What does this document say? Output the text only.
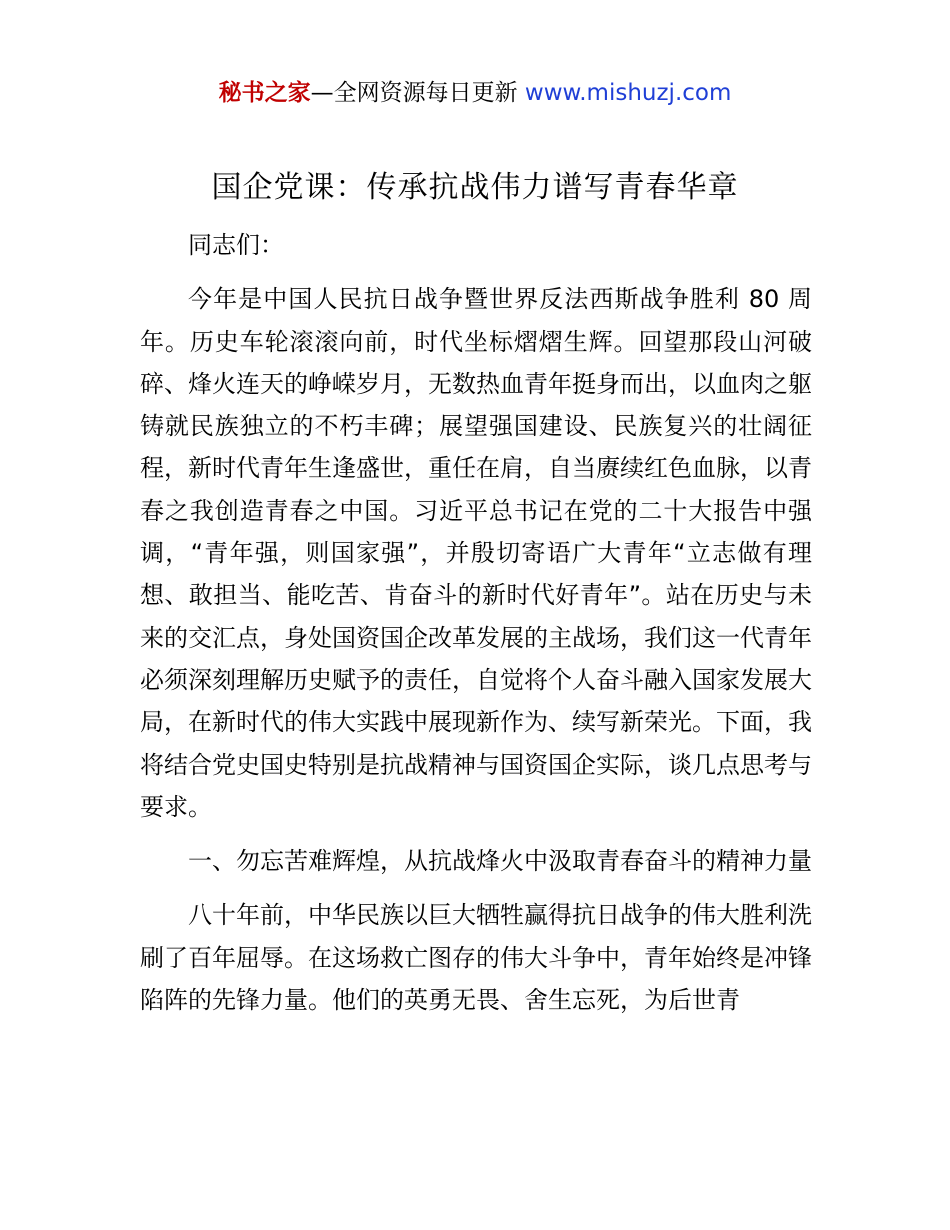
秘书之家—全网资源每日更新 www.mishuzj.com
国企党课：传承抗战伟力谱写青春华章

同志们：

今年是中国人民抗日战争暨世界反法西斯战争胜利 80 周年。历史车轮滚滚向前，时代坐标熠熠生辉。回望那段山河破碎、烽火连天的峥嵘岁月，无数热血青年挺身而出，以血肉之躯铸就民族独立的不朽丰碑；展望强国建设、民族复兴的壮阔征程，新时代青年生逢盛世，重任在肩，自当赓续红色血脉，以青春之我创造青春之中国。习近平总书记在党的二十大报告中强调，“青年强，则国家强”，并殷切寄语广大青年“立志做有理想、敢担当、能吃苦、肯奋斗的新时代好青年”。站在历史与未来的交汇点，身处国资国企改革发展的主战场，我们这一代青年必须深刻理解历史赋予的责任，自觉将个人奋斗融入国家发展大局，在新时代的伟大实践中展现新作为、续写新荣光。下面，我将结合党史国史特别是抗战精神与国资国企实际，谈几点思考与要求。

一、勿忘苦难辉煌，从抗战烽火中汲取青春奋斗的精神力量

八十年前，中华民族以巨大牺牲赢得抗日战争的伟大胜利洗刷了百年屈辱。在这场救亡图存的伟大斗争中，青年始终是冲锋陷阵的先锋力量。他们的英勇无畏、舍生忘死，为后世青
